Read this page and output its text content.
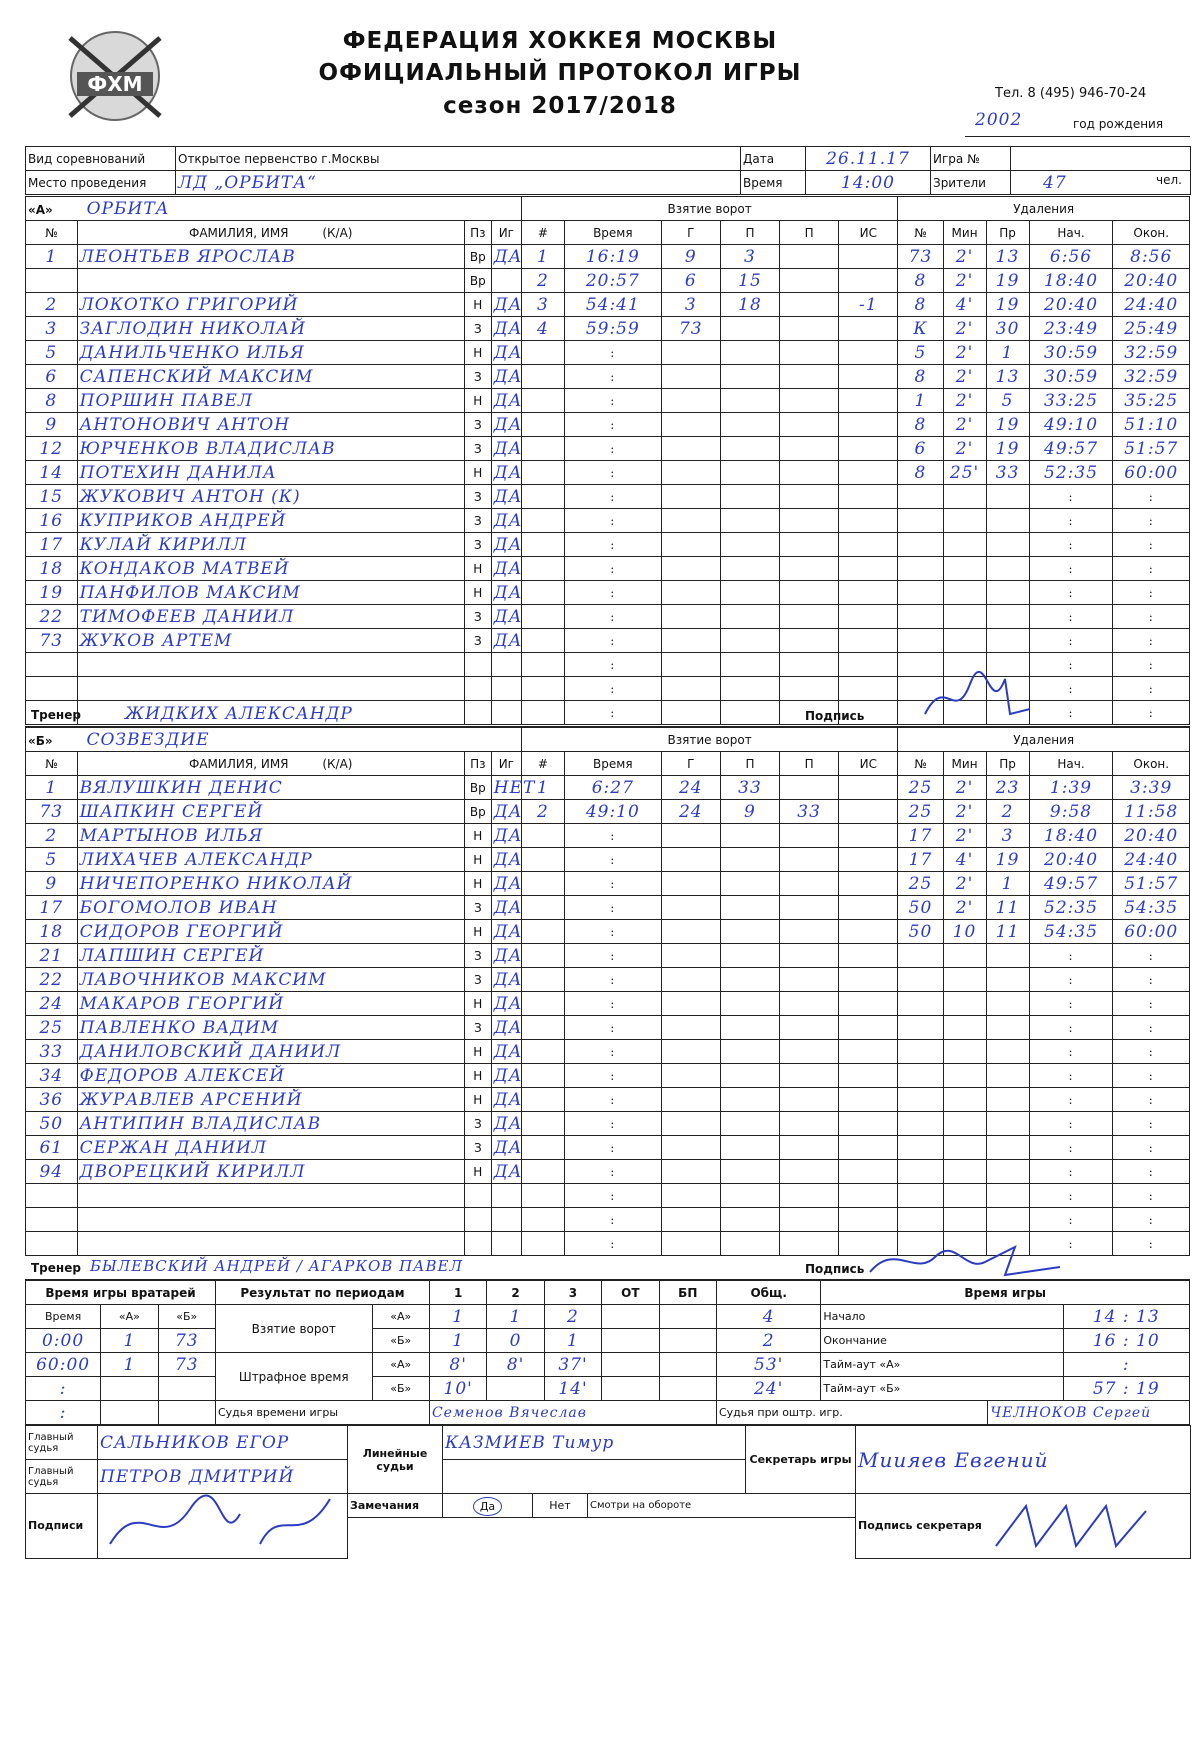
ФХМ
ФЕДЕРАЦИЯ ХОККЕЯ МОСКВЫ
ОФИЦИАЛЬНЫЙ ПРОТОКОЛ ИГРЫ
сезон 2017/2018	Тел. 8 (495) 946-70-24
2002	год рождения
Вид соревнований	Открытое первенство г.Москвы	Дата	26.11.17	Игра №	
Место проведения	ЛД „ОРБИТА“	Время	14:00	Зрители	47 чел.
«А» ОРБИТА				Взятие ворот						Удаления				
№	ФАМИЛИЯ, ИМЯ (К/А)	Пз	Иг	#	Время	Г	П	П	ИС	№	Мин	Пр	Нач.	Окон.
1	ЛЕОНТЬЕВ ЯРОСЛАВ	Вр	ДА	1	16:19	9	3			73	2'	13	6:56	8:56
		Вр		2	20:57	6	15			8	2'	19	18:40	20:40
2	ЛОКОТКО ГРИГОРИЙ	Н	ДА	3	54:41	3	18		-1	8	4'	19	20:40	24:40
3	ЗАГЛОДИН НИКОЛАЙ	З	ДА	4	59:59	73				К	2'	30	23:49	25:49
5	ДАНИЛЬЧЕНКО ИЛЬЯ	Н	ДА		:					5	2'	1	30:59	32:59
6	САПЕНСКИЙ МАКСИМ	З	ДА		:					8	2'	13	30:59	32:59
8	ПОРШИН ПАВЕЛ	Н	ДА		:					1	2'	5	33:25	35:25
9	АНТОНОВИЧ АНТОН	З	ДА		:					8	2'	19	49:10	51:10
12	ЮРЧЕНКОВ ВЛАДИСЛАВ	З	ДА		:					6	2'	19	49:57	51:57
14	ПОТЕХИН ДАНИЛА	Н	ДА		:					8	25'	33	52:35	60:00
15	ЖУКОВИЧ АНТОН (К)	З	ДА		:								:	:
16	КУПРИКОВ АНДРЕЙ	З	ДА		:								:	:
17	КУЛАЙ КИРИЛЛ	З	ДА		:								:	:
18	КОНДАКОВ МАТВЕЙ	Н	ДА		:								:	:
19	ПАНФИЛОВ МАКСИМ	Н	ДА		:								:	:
22	ТИМОФЕЕВ ДАНИИЛ	З	ДА		:								:	:
73	ЖУКОВ АРТЕМ	З	ДА		:								:	:
					:								:	:
					:								:	:
					:								:	:
Тренер	ЖИДКИХ АЛЕКСАНДР	Подпись
«Б» СОЗВЕЗДИЕ				Взятие ворот						Удаления				
№	ФАМИЛИЯ, ИМЯ (К/А)	Пз	Иг	#	Время	Г	П	П	ИС	№	Мин	Пр	Нач.	Окон.
1	ВЯЛУШКИН ДЕНИС	Вр	НЕТ	1	6:27	24	33			25	2'	23	1:39	3:39
73	ШАПКИН СЕРГЕЙ	Вр	ДА	2	49:10	24	9	33		25	2'	2	9:58	11:58
2	МАРТЫНОВ ИЛЬЯ	Н	ДА		:					17	2'	3	18:40	20:40
5	ЛИХАЧЕВ АЛЕКСАНДР	Н	ДА		:					17	4'	19	20:40	24:40
9	НИЧЕПОРЕНКО НИКОЛАЙ	Н	ДА		:					25	2'	1	49:57	51:57
17	БОГОМОЛОВ ИВАН	З	ДА		:					50	2'	11	52:35	54:35
18	СИДОРОВ ГЕОРГИЙ	Н	ДА		:					50	10	11	54:35	60:00
21	ЛАПШИН СЕРГЕЙ	З	ДА		:								:	:
22	ЛАВОЧНИКОВ МАКСИМ	З	ДА		:								:	:
24	МАКАРОВ ГЕОРГИЙ	Н	ДА		:								:	:
25	ПАВЛЕНКО ВАДИМ	З	ДА		:								:	:
33	ДАНИЛОВСКИЙ ДАНИИЛ	Н	ДА		:								:	:
34	ФЕДОРОВ АЛЕКСЕЙ	Н	ДА		:								:	:
36	ЖУРАВЛЕВ АРСЕНИЙ	Н	ДА		:								:	:
50	АНТИПИН ВЛАДИСЛАВ	З	ДА		:								:	:
61	СЕРЖАН ДАНИИЛ	З	ДА		:								:	:
94	ДВОРЕЦКИЙ КИРИЛЛ	Н	ДА		:								:	:
					:								:	:
					:								:	:
					:								:	:
Тренер БЫЛЕВСКИЙ АНДРЕЙ / АГАРКОВ ПАВЕЛ	Подпись
Время игры вратарей			Результат по периодам		1	2	3	ОТ	БП	Общ.	Время игры		
Время	«А»	«Б»	Взятие ворот	«А»	1	1	2			4	Начало		14 : 13
0:00	1	73		«Б»	1	0	1			2	Окончание		16 : 10
60:00	1	73	Штрафное время	«А»	8'	8'	37'			53'	Тайм-аут «А»		:
:				«Б»	10'		14'			24'	Тайм-аут «Б»		57 : 19
:			Судья времени игры		Семенов Вячеслав					Судья при оштр. игр.		ЧЕЛНОКОВ Сергей	
Главный судья	САЛЬНИКОВ ЕГОР	Линейные судьи	КАЗМИЕВ Тимур			Секретарь игры	Миияев Евгений
Главный судья	ПЕТРОВ ДМИТРИЙ						
Подписи		Замечания	Да	Нет	Смотри на обороте		Подпись секретаря
